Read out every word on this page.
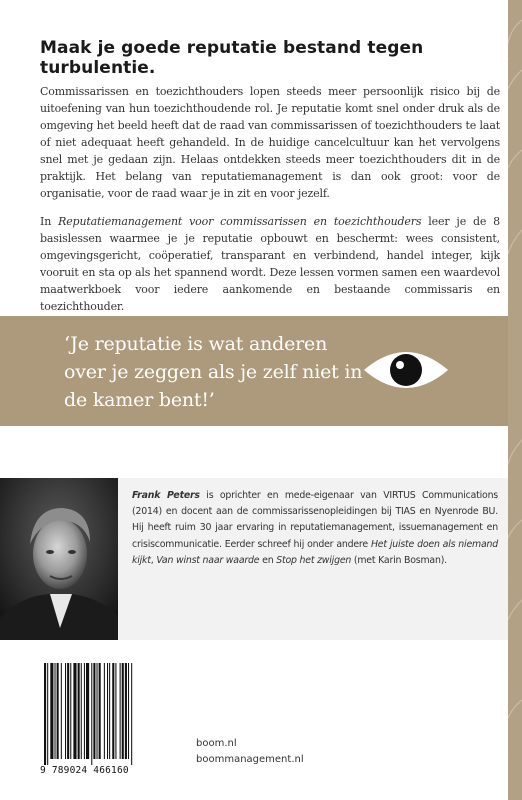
Maak je goede reputatie bestand tegen turbulentie.

Commissarissen en toezichthouders lopen steeds meer persoonlijk risico bij de uitoefening van hun toezichthoudende rol. Je reputatie komt snel onder druk als de omgeving het beeld heeft dat de raad van commissarissen of toezichthouders te laat of niet adequaat heeft gehandeld. In de huidige cancelcultuur kan het vervolgens snel met je gedaan zijn. Helaas ontdekken steeds meer toezichthouders dit in de praktijk. Het belang van reputatiemanagement is dan ook groot: voor de organisatie, voor de raad waar je in zit en voor jezelf.

In Reputatiemanagement voor commissarissen en toezichthouders leer je de 8 basislessen waarmee je je reputatie opbouwt en beschermt: wees consistent, omgevingsgericht, coöperatief, transparant en verbindend, handel integer, kijk vooruit en sta op als het spannend wordt. Deze lessen vormen samen een waardevol maatwerkboek voor iedere aankomende en bestaande commissaris en toezichthouder.

‘Je reputatie is wat anderen over je zeggen als je zelf niet in de kamer bent!’

Frank Peters is oprichter en mede-eigenaar van VIRTUS Communications (2014) en docent aan de commissarissenopleidingen bij TIAS en Nyenrode BU. Hij heeft ruim 30 jaar ervaring in reputatiemanagement, issuemanagement en crisiscommunicatie. Eerder schreef hij onder andere Het juiste doen als niemand kijkt, Van winst naar waarde en Stop het zwijgen (met Karin Bosman).

9 789024 466160
boom.nl
boommanagement.nl
